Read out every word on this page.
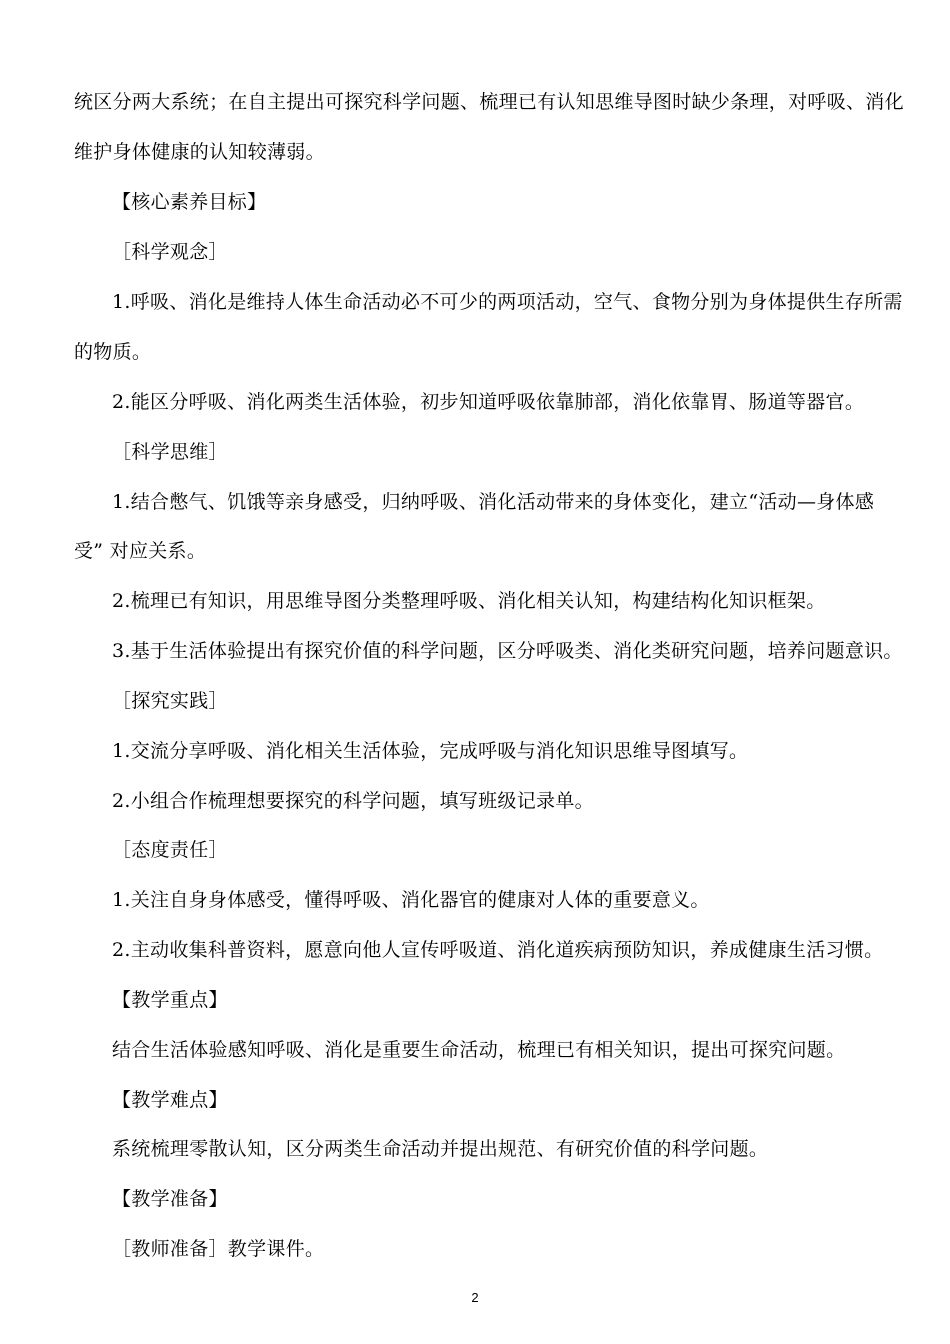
统区分两大系统；在自主提出可探究科学问题、梳理已有认知思维导图时缺少条理，对呼吸、消化
维护身体健康的认知较薄弱。
【核心素养目标】
［科学观念］
1.呼吸、消化是维持人体生命活动必不可少的两项活动，空气、食物分别为身体提供生存所需
的物质。
2.能区分呼吸、消化两类生活体验，初步知道呼吸依靠肺部，消化依靠胃、肠道等器官。
［科学思维］
1.结合憋气、饥饿等亲身感受，归纳呼吸、消化活动带来的身体变化，建立“活动—身体感
受” 对应关系。
2.梳理已有知识，用思维导图分类整理呼吸、消化相关认知，构建结构化知识框架。
3.基于生活体验提出有探究价值的科学问题，区分呼吸类、消化类研究问题，培养问题意识。
［探究实践］
1.交流分享呼吸、消化相关生活体验，完成呼吸与消化知识思维导图填写。
2.小组合作梳理想要探究的科学问题，填写班级记录单。
［态度责任］
1.关注自身身体感受，懂得呼吸、消化器官的健康对人体的重要意义。
2.主动收集科普资料，愿意向他人宣传呼吸道、消化道疾病预防知识，养成健康生活习惯。
【教学重点】
结合生活体验感知呼吸、消化是重要生命活动，梳理已有相关知识，提出可探究问题。
【教学难点】
系统梳理零散认知，区分两类生命活动并提出规范、有研究价值的科学问题。
【教学准备】
［教师准备］教学课件。
2
